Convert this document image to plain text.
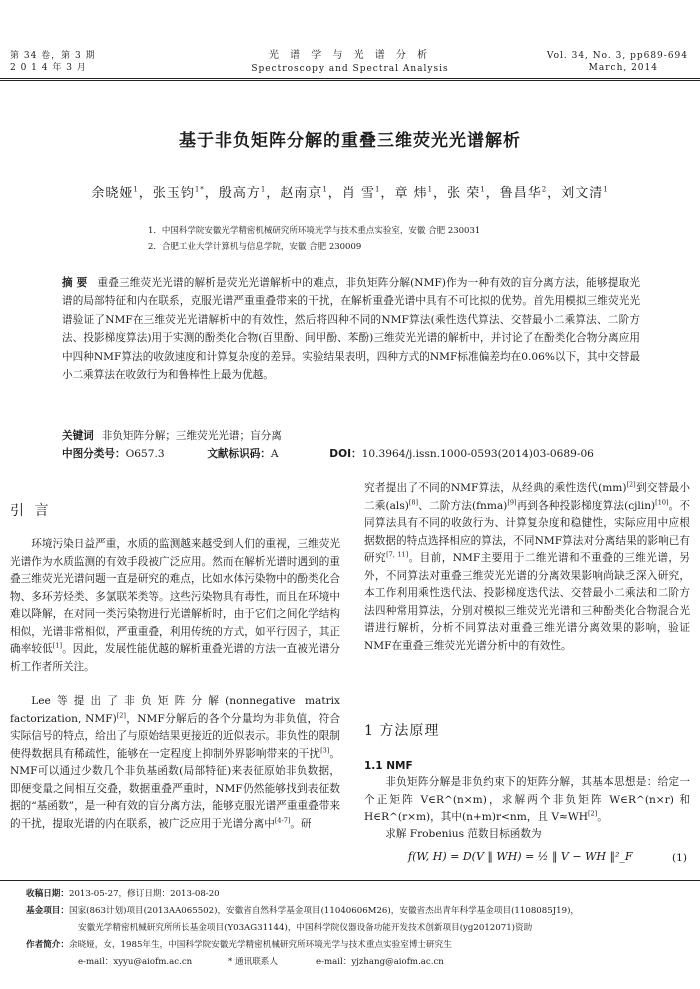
第 34 卷，第 3 期
2 0 1 4 年 3 月
光 谱 学 与 光 谱 分 析
Spectroscopy and Spectral Analysis
Vol. 34, No. 3, pp689-694
March, 2014
基于非负矩阵分解的重叠三维荧光光谱解析
余晓娅$^1$，张玉钧$^{1*}$，殷高方$^1$，赵南京$^1$，肖 雪$^1$，章 炜$^1$，张 荣$^1$，鲁昌华$^2$，刘文清$^1$
1．中国科学院安徽光学精密机械研究所环境光学与技术重点实验室，安徽 合肥 230031
2．合肥工业大学计算机与信息学院，安徽 合肥 230009
摘 要 重叠三维荧光光谱的解析是荧光光谱解析中的难点，非负矩阵分解(NMF)作为一种有效的盲分离方法，能够提取光谱的局部特征和内在联系，克服光谱严重重叠带来的干扰，在解析重叠光谱中具有不可比拟的优势。首先用模拟三维荧光光谱验证了NMF在三维荧光光谱解析中的有效性，然后将四种不同的NMF算法(乘性迭代算法、交替最小二乘算法、二阶方法、投影梯度算法)用于实测的酚类化合物(百里酚、间甲酚、苯酚)三维荧光光谱的解析中，并讨论了在酚类化合物分离应用中四种NMF算法的收敛速度和计算复杂度的差异。实验结果表明，四种方式的NMF标准偏差均在0.06%以下，其中交替最小二乘算法在收敛行为和鲁棒性上最为优越。
关键词 非负矩阵分解；三维荧光光谱；盲分离
中图分类号：O657.3	文献标识码：A	DOI：10.3964/j.issn.1000-0593(2014)03-0689-06
引 言
环境污染日益严重，水质的监测越来越受到人们的重视，三维荧光光谱作为水质监测的有效手段被广泛应用。然而在解析光谱时遇到的重叠三维荧光光谱问题一直是研究的难点，比如水体污染物中的酚类化合物、多环芳烃类、多氯联苯类等。这些污染物具有毒性，而且在环境中难以降解，在对同一类污染物进行光谱解析时，由于它们之间化学结构相似，光谱非常相似，严重重叠，利用传统的方式，如平行因子，其正确率较低[1]。因此，发展性能优越的解析重叠光谱的方法一直被光谱分析工作者所关注。
Lee等提出了非负矩阵分解(nonnegative matrix factorization, NMF)[2]，NMF分解后的各个分量均为非负值，符合实际信号的特点，给出了与原始结果更接近的近似表示。非负性的限制使得数据具有稀疏性，能够在一定程度上抑制外界影响带来的干扰[3]。NMF可以通过少数几个非负基函数(局部特征)来表征原始非负数据，即便变量之间相互交叠，数据重叠严重时，NMF仍然能够找到表征数据的“基函数”，是一种有效的盲分离方法，能够克服光谱严重重叠带来的干扰，提取光谱的内在联系，被广泛应用于光谱分离中[4-7]。研
究者提出了不同的NMF算法，从经典的乘性迭代(mm)[2]到交替最小二乘(als)[8]、二阶方法(fnma)[9]再到各种投影梯度算法(cjlin)[10]。不同算法具有不同的收敛行为、计算复杂度和稳健性，实际应用中应根据数据的特点选择相应的算法，不同NMF算法对分离结果的影响已有研究[7, 11]。目前，NMF主要用于二维光谱和不重叠的三维光谱，另外，不同算法对重叠三维荧光光谱的分离效果影响尚缺乏深入研究，本工作利用乘性迭代法、投影梯度迭代法、交替最小二乘法和二阶方法四种常用算法，分别对模拟三维荧光光谱和三种酚类化合物混合光谱进行解析，分析不同算法对重叠三维光谱分离效果的影响，验证NMF在重叠三维荧光光谱分析中的有效性。
1 方法原理
1.1 NMF
非负矩阵分解是非负约束下的矩阵分解，其基本思想是：给定一个正矩阵 V∈R^(n×m)，求解两个非负矩阵 W∈R^(n×r) 和 H∈R^(r×m)，其中(n+m)r<nm，且 V≈WH[2]。
求解 Frobenius 范数目标函数为
f(W, H) = D(V ‖ WH) = ½ ‖ V − WH ‖²_F	(1)
收稿日期：2013-05-27，修订日期：2013-08-20
基金项目：国家(863计划)项目(2013AA065502)，安徽省自然科学基金项目(11040606M26)，安徽省杰出青年科学基金项目(1108085J19)，
安徽光学精密机械研究所所长基金项目(Y03AG31144)，中国科学院仪器设备功能开发技术创新项目(yg2012071)资助
作者简介：余晓娅，女，1985年生，中国科学院安徽光学精密机械研究所环境光学与技术重点实验室博士研究生
e-mail：xyyu@aiofm.ac.cn	* 通讯联系人	e-mail：yjzhang@aiofm.ac.cn
